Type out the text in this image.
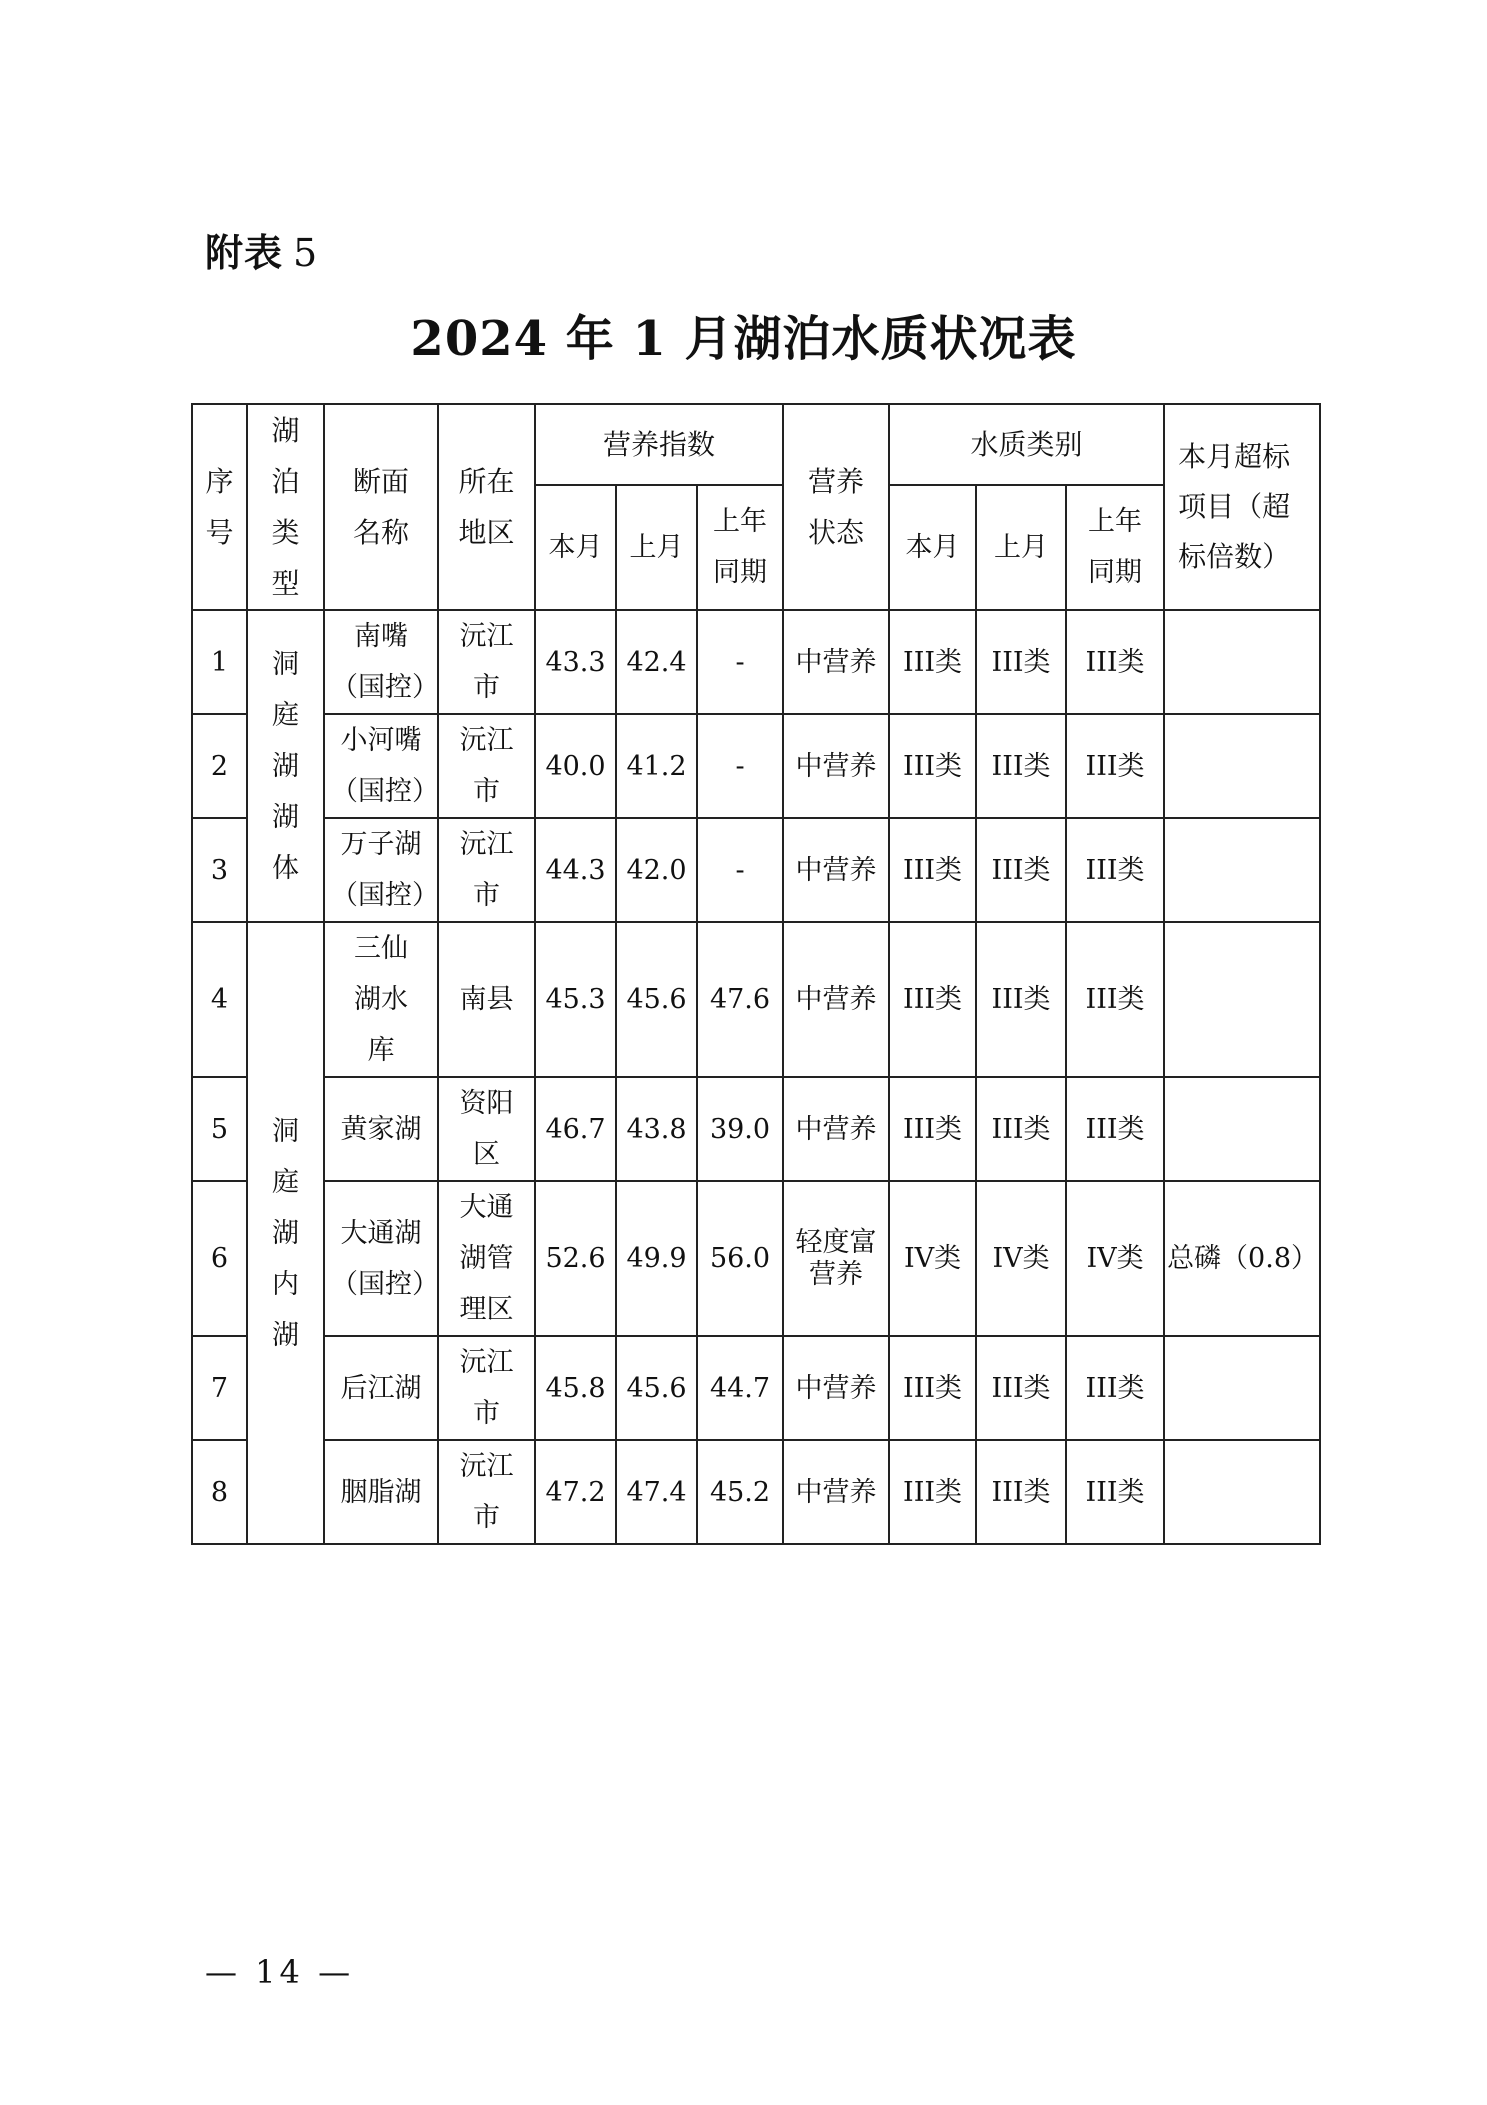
附表 5
2024 年 1 月湖泊水质状况表
序号	湖泊类型	断面名称	所在地区	营养指数			营养状态	水质类别			本月超标项目（超标倍数）

				本月	上月	上年同期		本月	上月	上年同期	

1	洞庭湖湖体	南嘴（国控）	沅江市	43.3	42.4	-	中营养	III类	III类	III类	
2		小河嘴（国控）	沅江市	40.0	41.2	-	中营养	III类	III类	III类	
3		万子湖（国控）	沅江市	44.3	42.0	-	中营养	III类	III类	III类	
4	洞庭湖内湖	三仙湖水库	南县	45.3	45.6	47.6	中营养	III类	III类	III类	
5		黄家湖	资阳区	46.7	43.8	39.0	中营养	III类	III类	III类	
6		大通湖（国控）	大通湖管理区	52.6	49.9	56.0	轻度富营养	IV类	IV类	IV类	总磷（0.8）
7		后江湖	沅江市	45.8	45.6	44.7	中营养	III类	III类	III类	
8		胭脂湖	沅江市	47.2	47.4	45.2	中营养	III类	III类	III类	
— 14 —
